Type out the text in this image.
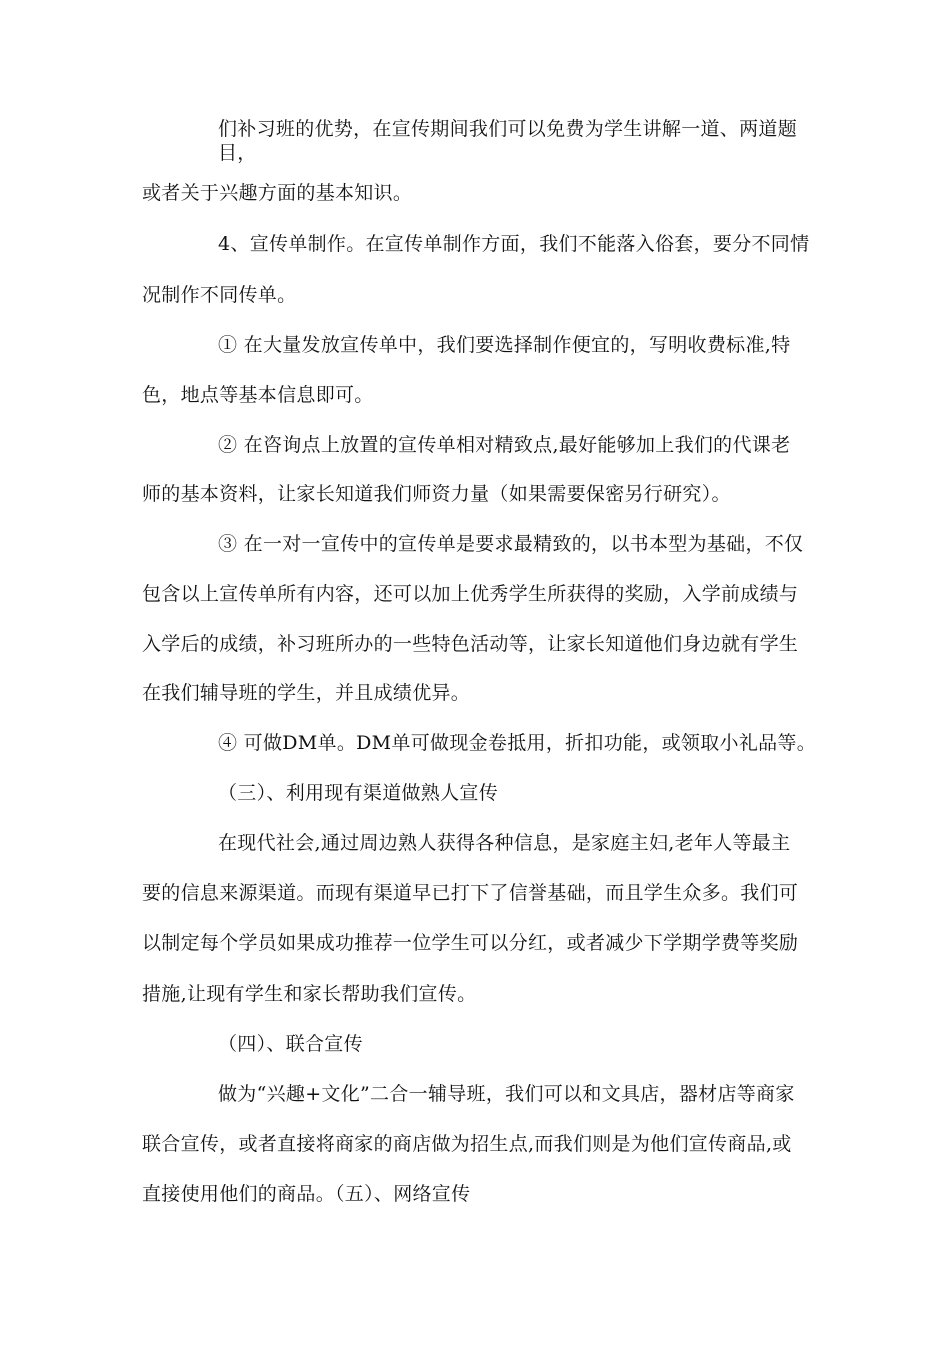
们补习班的优势，在宣传期间我们可以免费为学生讲解一道、两道题
目，
或者关于兴趣方面的基本知识。
4、宣传单制作。在宣传单制作方面，我们不能落入俗套，要分不同情
况制作不同传单。
① 在大量发放宣传单中，我们要选择制作便宜的，写明收费标准,特
色，地点等基本信息即可。
② 在咨询点上放置的宣传单相对精致点,最好能够加上我们的代课老
师的基本资料，让家长知道我们师资力量（如果需要保密另行研究）。
③ 在一对一宣传中的宣传单是要求最精致的，以书本型为基础，不仅
包含以上宣传单所有内容，还可以加上优秀学生所获得的奖励，入学前成绩与
入学后的成绩，补习班所办的一些特色活动等，让家长知道他们身边就有学生
在我们辅导班的学生，并且成绩优异。
④ 可做DM单。DM单可做现金卷抵用，折扣功能，或领取小礼品等。
（三）、利用现有渠道做熟人宣传
在现代社会,通过周边熟人获得各种信息，是家庭主妇,老年人等最主
要的信息来源渠道。而现有渠道早已打下了信誉基础，而且学生众多。我们可
以制定每个学员如果成功推荐一位学生可以分红，或者减少下学期学费等奖励
措施,让现有学生和家长帮助我们宣传。
（四）、联合宣传
做为“兴趣+文化”二合一辅导班，我们可以和文具店，器材店等商家
联合宣传，或者直接将商家的商店做为招生点,而我们则是为他们宣传商品,或
直接使用他们的商品。（五）、网络宣传
